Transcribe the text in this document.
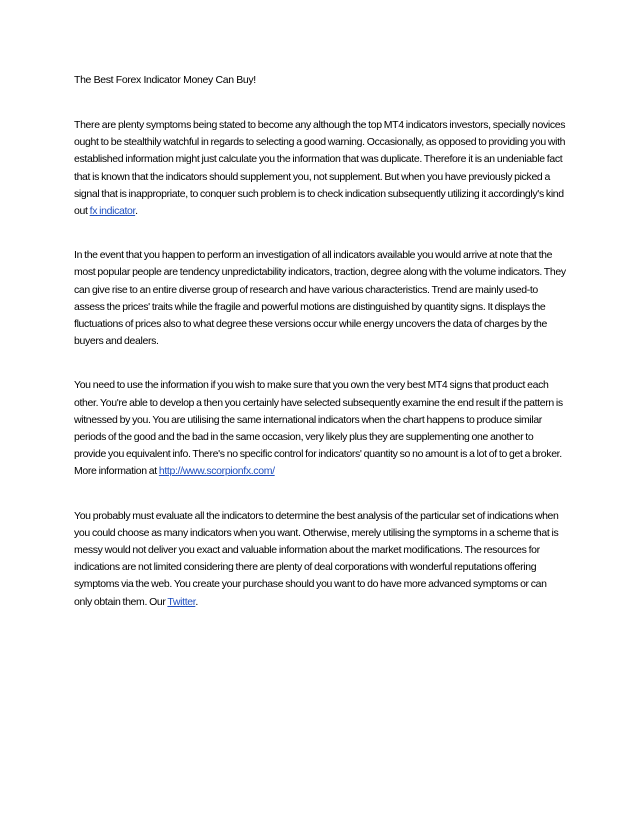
The Best Forex Indicator Money Can Buy!

There are plenty symptoms being stated to become any although the top MT4 indicators investors, specially novices ought to be stealthily watchful in regards to selecting a good warning. Occasionally, as opposed to providing you with established information might just calculate you the information that was duplicate. Therefore it is an undeniable fact that is known that the indicators should supplement you, not supplement. But when you have previously picked a signal that is inappropriate, to conquer such problem is to check indication subsequently utilizing it accordingly's kind out fx indicator.

In the event that you happen to perform an investigation of all indicators available you would arrive at note that the most popular people are tendency unpredictability indicators, traction, degree along with the volume indicators. They can give rise to an entire diverse group of research and have various characteristics. Trend are mainly used-to assess the prices' traits while the fragile and powerful motions are distinguished by quantity signs. It displays the fluctuations of prices also to what degree these versions occur while energy uncovers the data of charges by the buyers and dealers.

You need to use the information if you wish to make sure that you own the very best MT4 signs that product each other. You're able to develop a then you certainly have selected subsequently examine the end result if the pattern is witnessed by you. You are utilising the same international indicators when the chart happens to produce similar periods of the good and the bad in the same occasion, very likely plus they are supplementing one another to provide you equivalent info. There's no specific control for indicators' quantity so no amount is a lot of to get a broker. More information at http://www.scorpionfx.com/

You probably must evaluate all the indicators to determine the best analysis of the particular set of indications when you could choose as many indicators when you want. Otherwise, merely utilising the symptoms in a scheme that is messy would not deliver you exact and valuable information about the market modifications. The resources for indications are not limited considering there are plenty of deal corporations with wonderful reputations offering symptoms via the web. You create your purchase should you want to do have more advanced symptoms or can only obtain them. Our Twitter.
